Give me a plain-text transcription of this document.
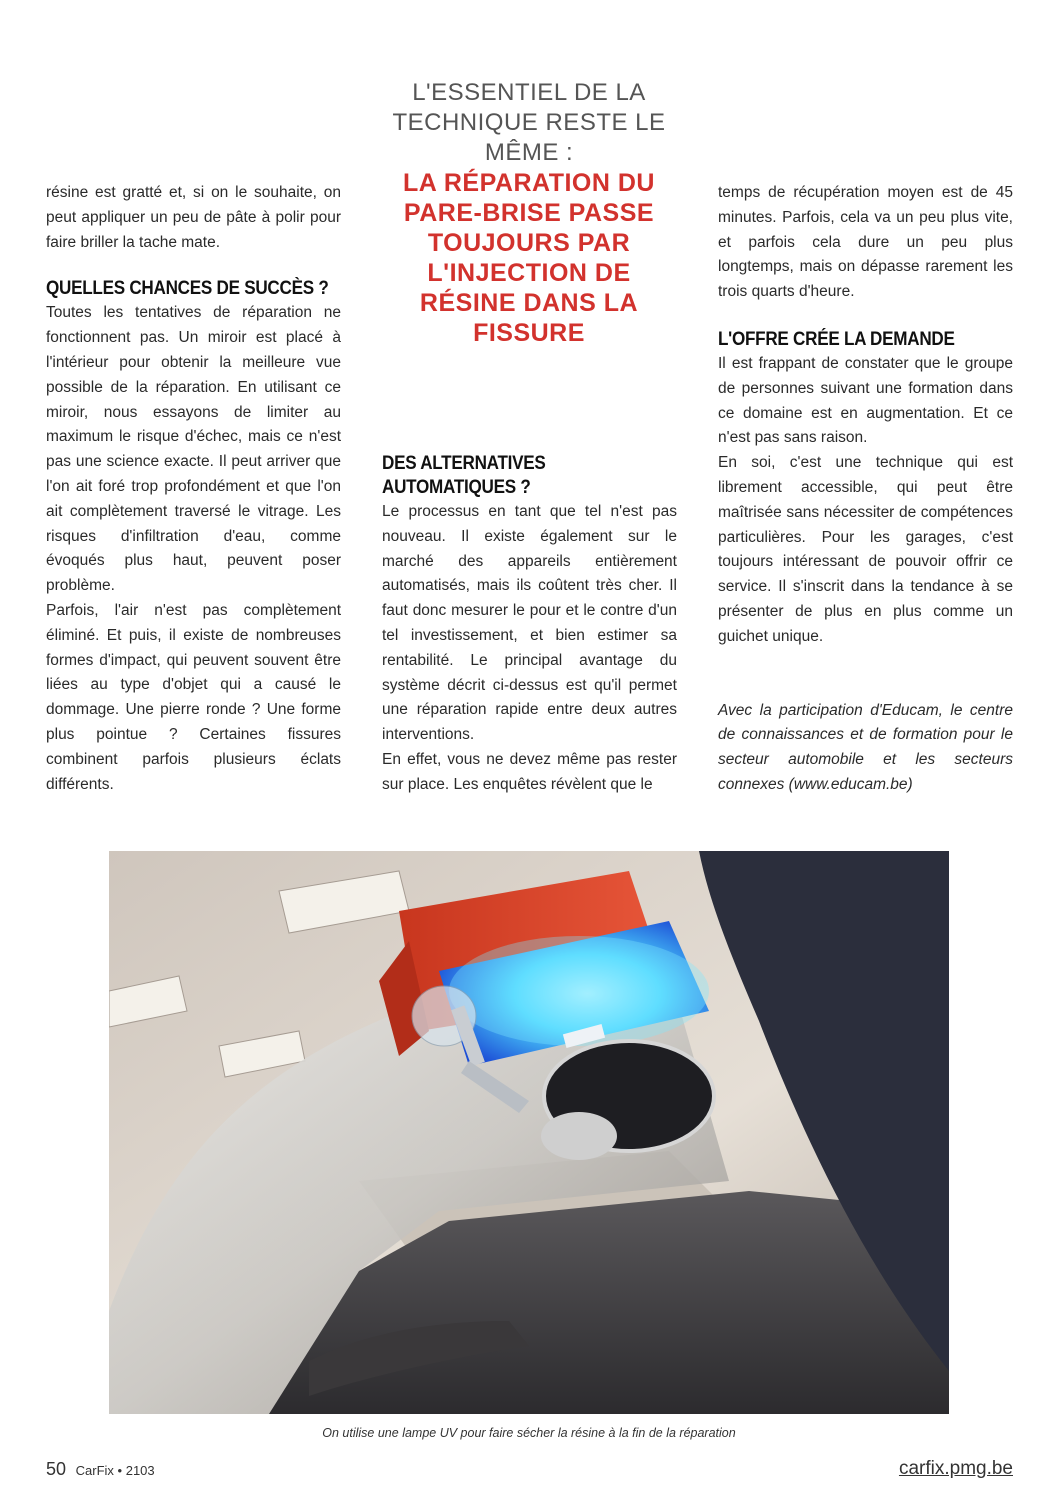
L'ESSENTIEL DE LA TECHNIQUE RESTE LE MÊME :
LA RÉPARATION DU PARE-BRISE PASSE TOUJOURS PAR L'INJECTION DE RÉSINE DANS LA FISSURE

résine est gratté et, si on le souhaite, on peut appliquer un peu de pâte à polir pour faire briller la tache mate.

QUELLES CHANCES DE SUCCÈS ?

Toutes les tentatives de réparation ne fonctionnent pas. Un miroir est placé à l'intérieur pour obtenir la meilleure vue possible de la réparation. En utilisant ce miroir, nous essayons de limiter au maximum le risque d'échec, mais ce n'est pas une science exacte. Il peut arriver que l'on ait foré trop profondément et que l'on ait complètement traversé le vitrage. Les risques d'infiltration d'eau, comme évoqués plus haut, peuvent poser problème.

Parfois, l'air n'est pas complètement éliminé. Et puis, il existe de nombreuses formes d'impact, qui peuvent souvent être liées au type d'objet qui a causé le dommage. Une pierre ronde ? Une forme plus pointue ? Certaines fissures combinent parfois plusieurs éclats différents.

DES ALTERNATIVES
AUTOMATIQUES ?

Le processus en tant que tel n'est pas nouveau. Il existe également sur le marché des appareils entièrement automatisés, mais ils coûtent très cher. Il faut donc mesurer le pour et le contre d'un tel investissement, et bien estimer sa rentabilité. Le principal avantage du système décrit ci-dessus est qu'il permet une réparation rapide entre deux autres interventions.

En effet, vous ne devez même pas rester sur place. Les enquêtes révèlent que le

temps de récupération moyen est de 45 minutes. Parfois, cela va un peu plus vite, et parfois cela dure un peu plus longtemps, mais on dépasse rarement les trois quarts d'heure.

L'OFFRE CRÉE LA DEMANDE

Il est frappant de constater que le groupe de personnes suivant une formation dans ce domaine est en augmentation. Et ce n'est pas sans raison.

En soi, c'est une technique qui est librement accessible, qui peut être maîtrisée sans nécessiter de compétences particulières. Pour les garages, c'est toujours intéressant de pouvoir offrir ce service. Il s'inscrit dans la tendance à se présenter de plus en plus comme un guichet unique.

Avec la participation d'Educam, le centre de connaissances et de formation pour le secteur automobile et les secteurs connexes (www.educam.be)

On utilise une lampe UV pour faire sécher la résine à la fin de la réparation
50 CarFix • 2103	carfix.pmg.be
